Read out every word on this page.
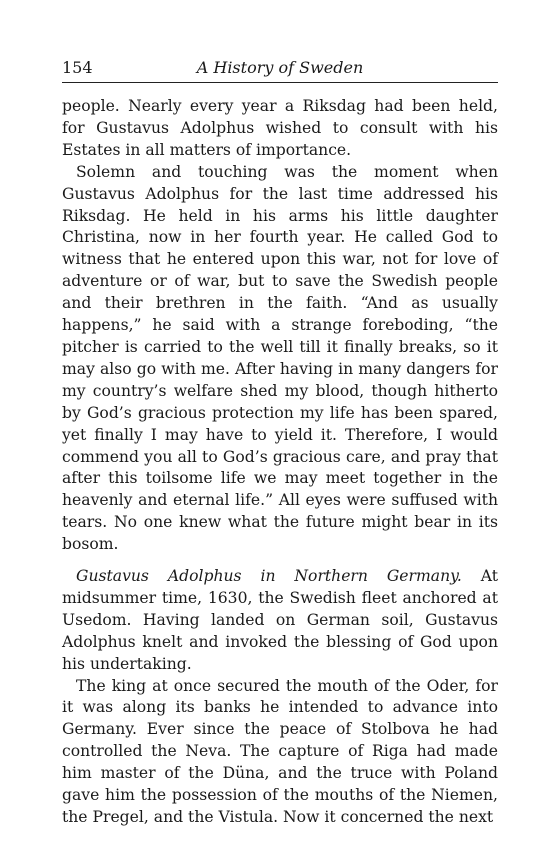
154	A History of Sweden

people. Nearly every year a Riksdag had been held, for Gustavus Adolphus wished to consult with his Estates in all matters of importance.

Solemn and touching was the moment when Gustavus Adolphus for the last time addressed his Riksdag. He held in his arms his little daughter Christina, now in her fourth year. He called God to witness that he entered upon this war, not for love of adventure or of war, but to save the Swedish people and their brethren in the faith. “And as usually happens,” he said with a strange foreboding, “the pitcher is carried to the well till it finally breaks, so it may also go with me. After having in many dangers for my country’s welfare shed my blood, though hitherto by God’s gracious protection my life has been spared, yet finally I may have to yield it. Therefore, I would commend you all to God’s gracious care, and pray that after this toilsome life we may meet together in the heavenly and eternal life.” All eyes were suffused with tears. No one knew what the future might bear in its bosom.

Gustavus Adolphus in Northern Germany. At midsummer time, 1630, the Swedish fleet anchored at Usedom. Having landed on German soil, Gustavus Adolphus knelt and invoked the blessing of God upon his undertaking.

The king at once secured the mouth of the Oder, for it was along its banks he intended to advance into Germany. Ever since the peace of Stolbova he had controlled the Neva. The capture of Riga had made him master of the Düna, and the truce with Poland gave him the possession of the mouths of the Niemen, the Pregel, and the Vistula. Now it concerned the next
